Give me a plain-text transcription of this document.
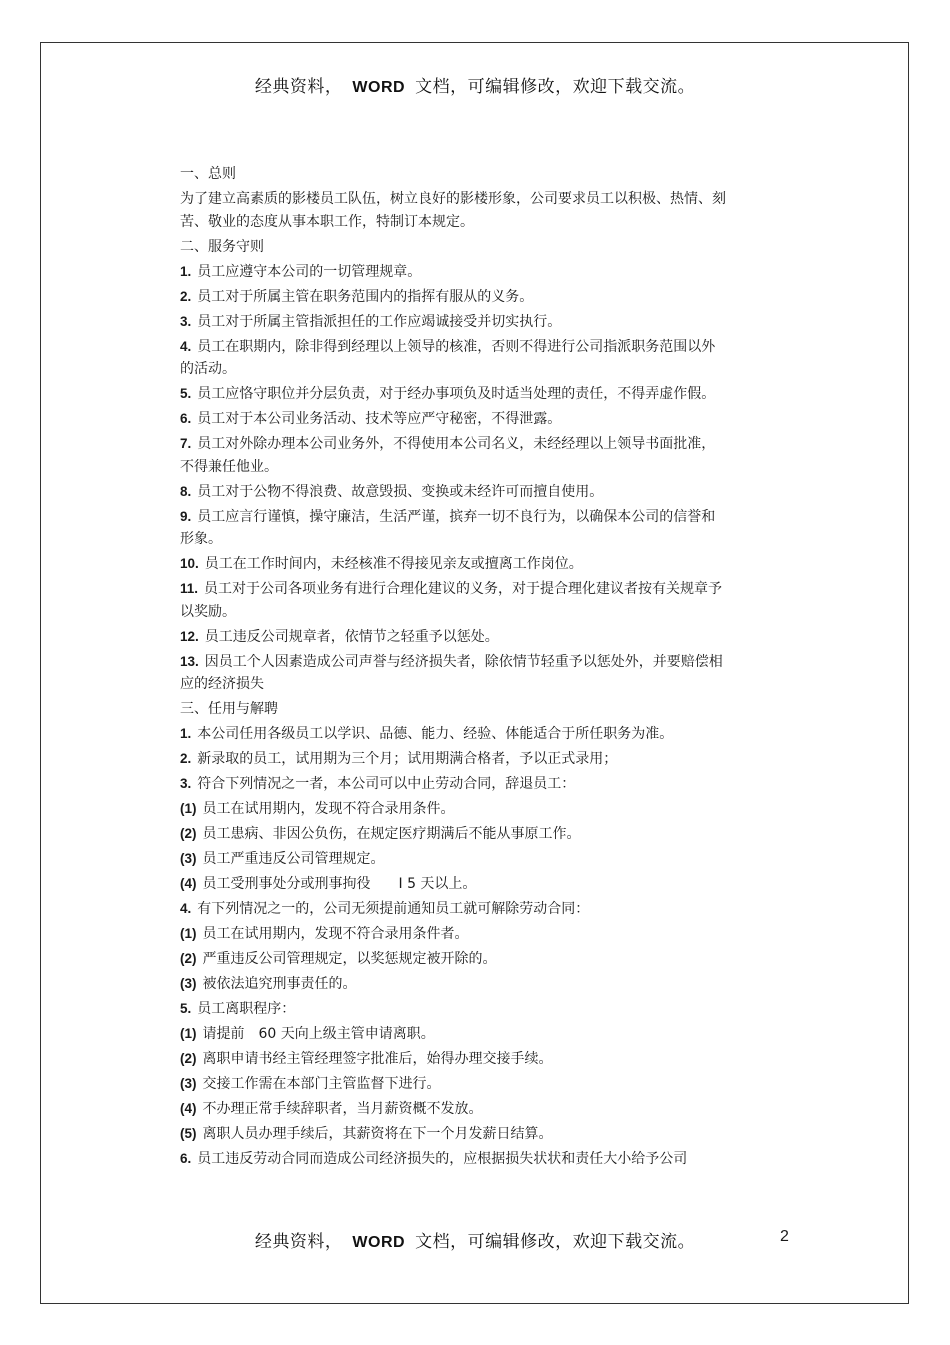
经典资料， WORD 文档，可编辑修改，欢迎下载交流。
一、总则
为了建立高素质的影楼员工队伍，树立良好的影楼形象，公司要求员工以积极、热情、刻苦、敬业的态度从事本职工作，特制订本规定。
二、服务守则
1. 员工应遵守本公司的一切管理规章。
2. 员工对于所属主管在职务范围内的指挥有服从的义务。
3. 员工对于所属主管指派担任的工作应竭诚接受并切实执行。
4. 员工在职期内，除非得到经理以上领导的核准，否则不得进行公司指派职务范围以外的活动。
5. 员工应恪守职位并分层负责，对于经办事项负及时适当处理的责任，不得弄虚作假。
6. 员工对于本公司业务活动、技术等应严守秘密，不得泄露。
7. 员工对外除办理本公司业务外，不得使用本公司名义，未经经理以上领导书面批准，不得兼任他业。
8. 员工对于公物不得浪费、故意毁损、变换或未经许可而擅自使用。
9. 员工应言行谨慎，操守廉洁，生活严谨，摈弃一切不良行为，以确保本公司的信誉和形象。
10. 员工在工作时间内，未经核准不得接见亲友或擅离工作岗位。
11. 员工对于公司各项业务有进行合理化建议的义务，对于提合理化建议者按有关规章予以奖励。
12. 员工违反公司规章者，依情节之轻重予以惩处。
13. 因员工个人因素造成公司声誉与经济损失者，除依情节轻重予以惩处外，并要赔偿相应的经济损失
三、任用与解聘
1. 本公司任用各级员工以学识、品德、能力、经验、体能适合于所任职务为准。
2. 新录取的员工，试用期为三个月；试用期满合格者，予以正式录用；
3. 符合下列情况之一者，本公司可以中止劳动合同，辞退员工：
(1) 员工在试用期内，发现不符合录用条件。
(2) 员工患病、非因公负伤，在规定医疗期满后不能从事原工作。
(3) 员工严重违反公司管理规定。
(4) 员工受刑事处分或刑事拘役　　I 5 天以上。
4. 有下列情况之一的，公司无须提前通知员工就可解除劳动合同：
(1) 员工在试用期内，发现不符合录用条件者。
(2) 严重违反公司管理规定，以奖惩规定被开除的。
(3) 被依法追究刑事责任的。
5. 员工离职程序：
(1) 请提前　60 天向上级主管申请离职。
(2) 离职申请书经主管经理签字批准后，始得办理交接手续。
(3) 交接工作需在本部门主管监督下进行。
(4) 不办理正常手续辞职者，当月薪资概不发放。
(5) 离职人员办理手续后，其薪资将在下一个月发薪日结算。
6. 员工违反劳动合同而造成公司经济损失的，应根据损失状状和责任大小给予公司
经典资料， WORD 文档，可编辑修改，欢迎下载交流。	2
